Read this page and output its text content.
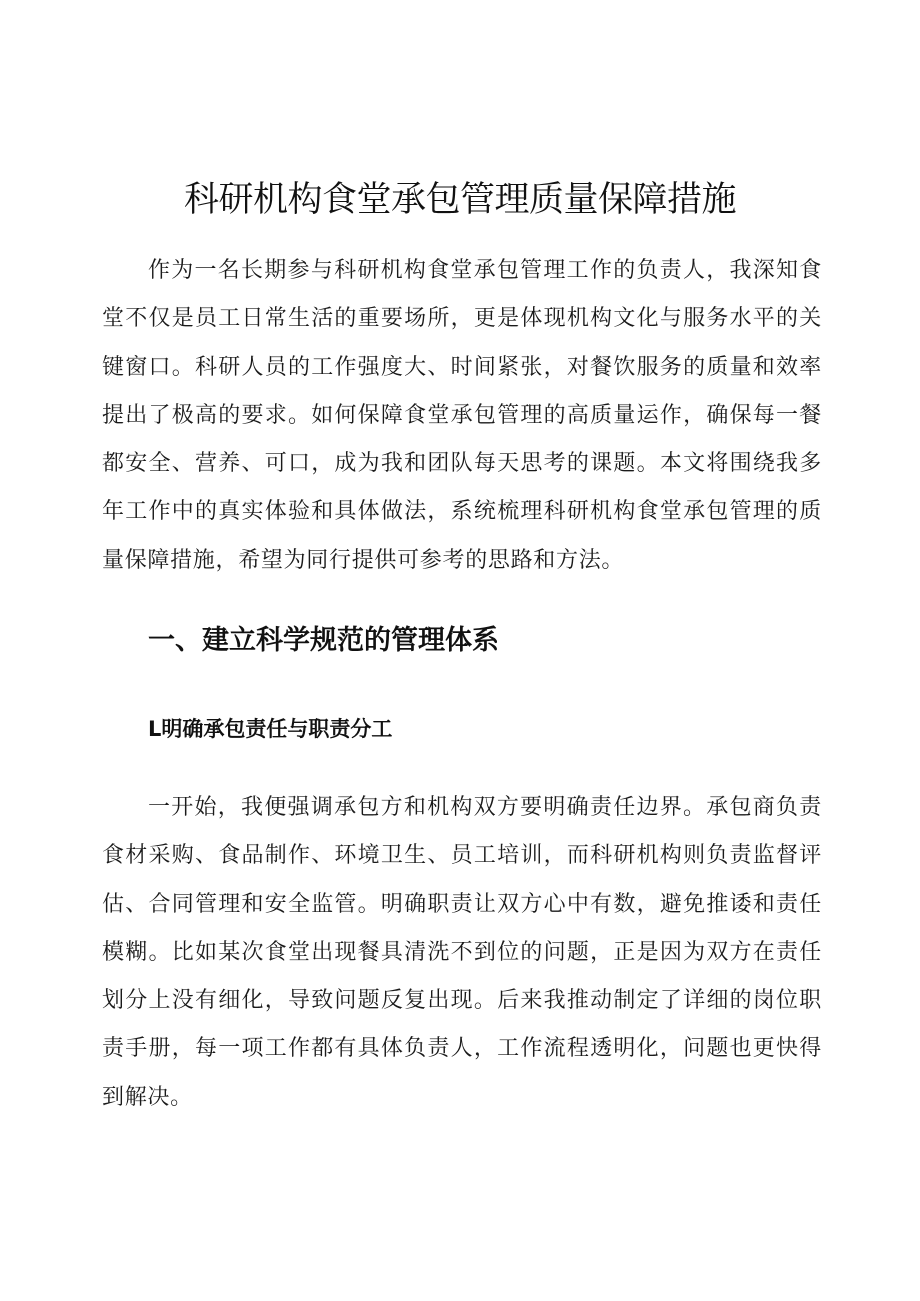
科研机构食堂承包管理质量保障措施

作为一名长期参与科研机构食堂承包管理工作的负责人，我深知食堂不仅是员工日常生活的重要场所，更是体现机构文化与服务水平的关键窗口。科研人员的工作强度大、时间紧张，对餐饮服务的质量和效率提出了极高的要求。如何保障食堂承包管理的高质量运作，确保每一餐都安全、营养、可口，成为我和团队每天思考的课题。本文将围绕我多年工作中的真实体验和具体做法，系统梳理科研机构食堂承包管理的质量保障措施，希望为同行提供可参考的思路和方法。

一、建立科学规范的管理体系
L明确承包责任与职责分工

一开始，我便强调承包方和机构双方要明确责任边界。承包商负责食材采购、食品制作、环境卫生、员工培训，而科研机构则负责监督评估、合同管理和安全监管。明确职责让双方心中有数，避免推诿和责任模糊。比如某次食堂出现餐具清洗不到位的问题，正是因为双方在责任划分上没有细化，导致问题反复出现。后来我推动制定了详细的岗位职责手册，每一项工作都有具体负责人，工作流程透明化，问题也更快得到解决。
